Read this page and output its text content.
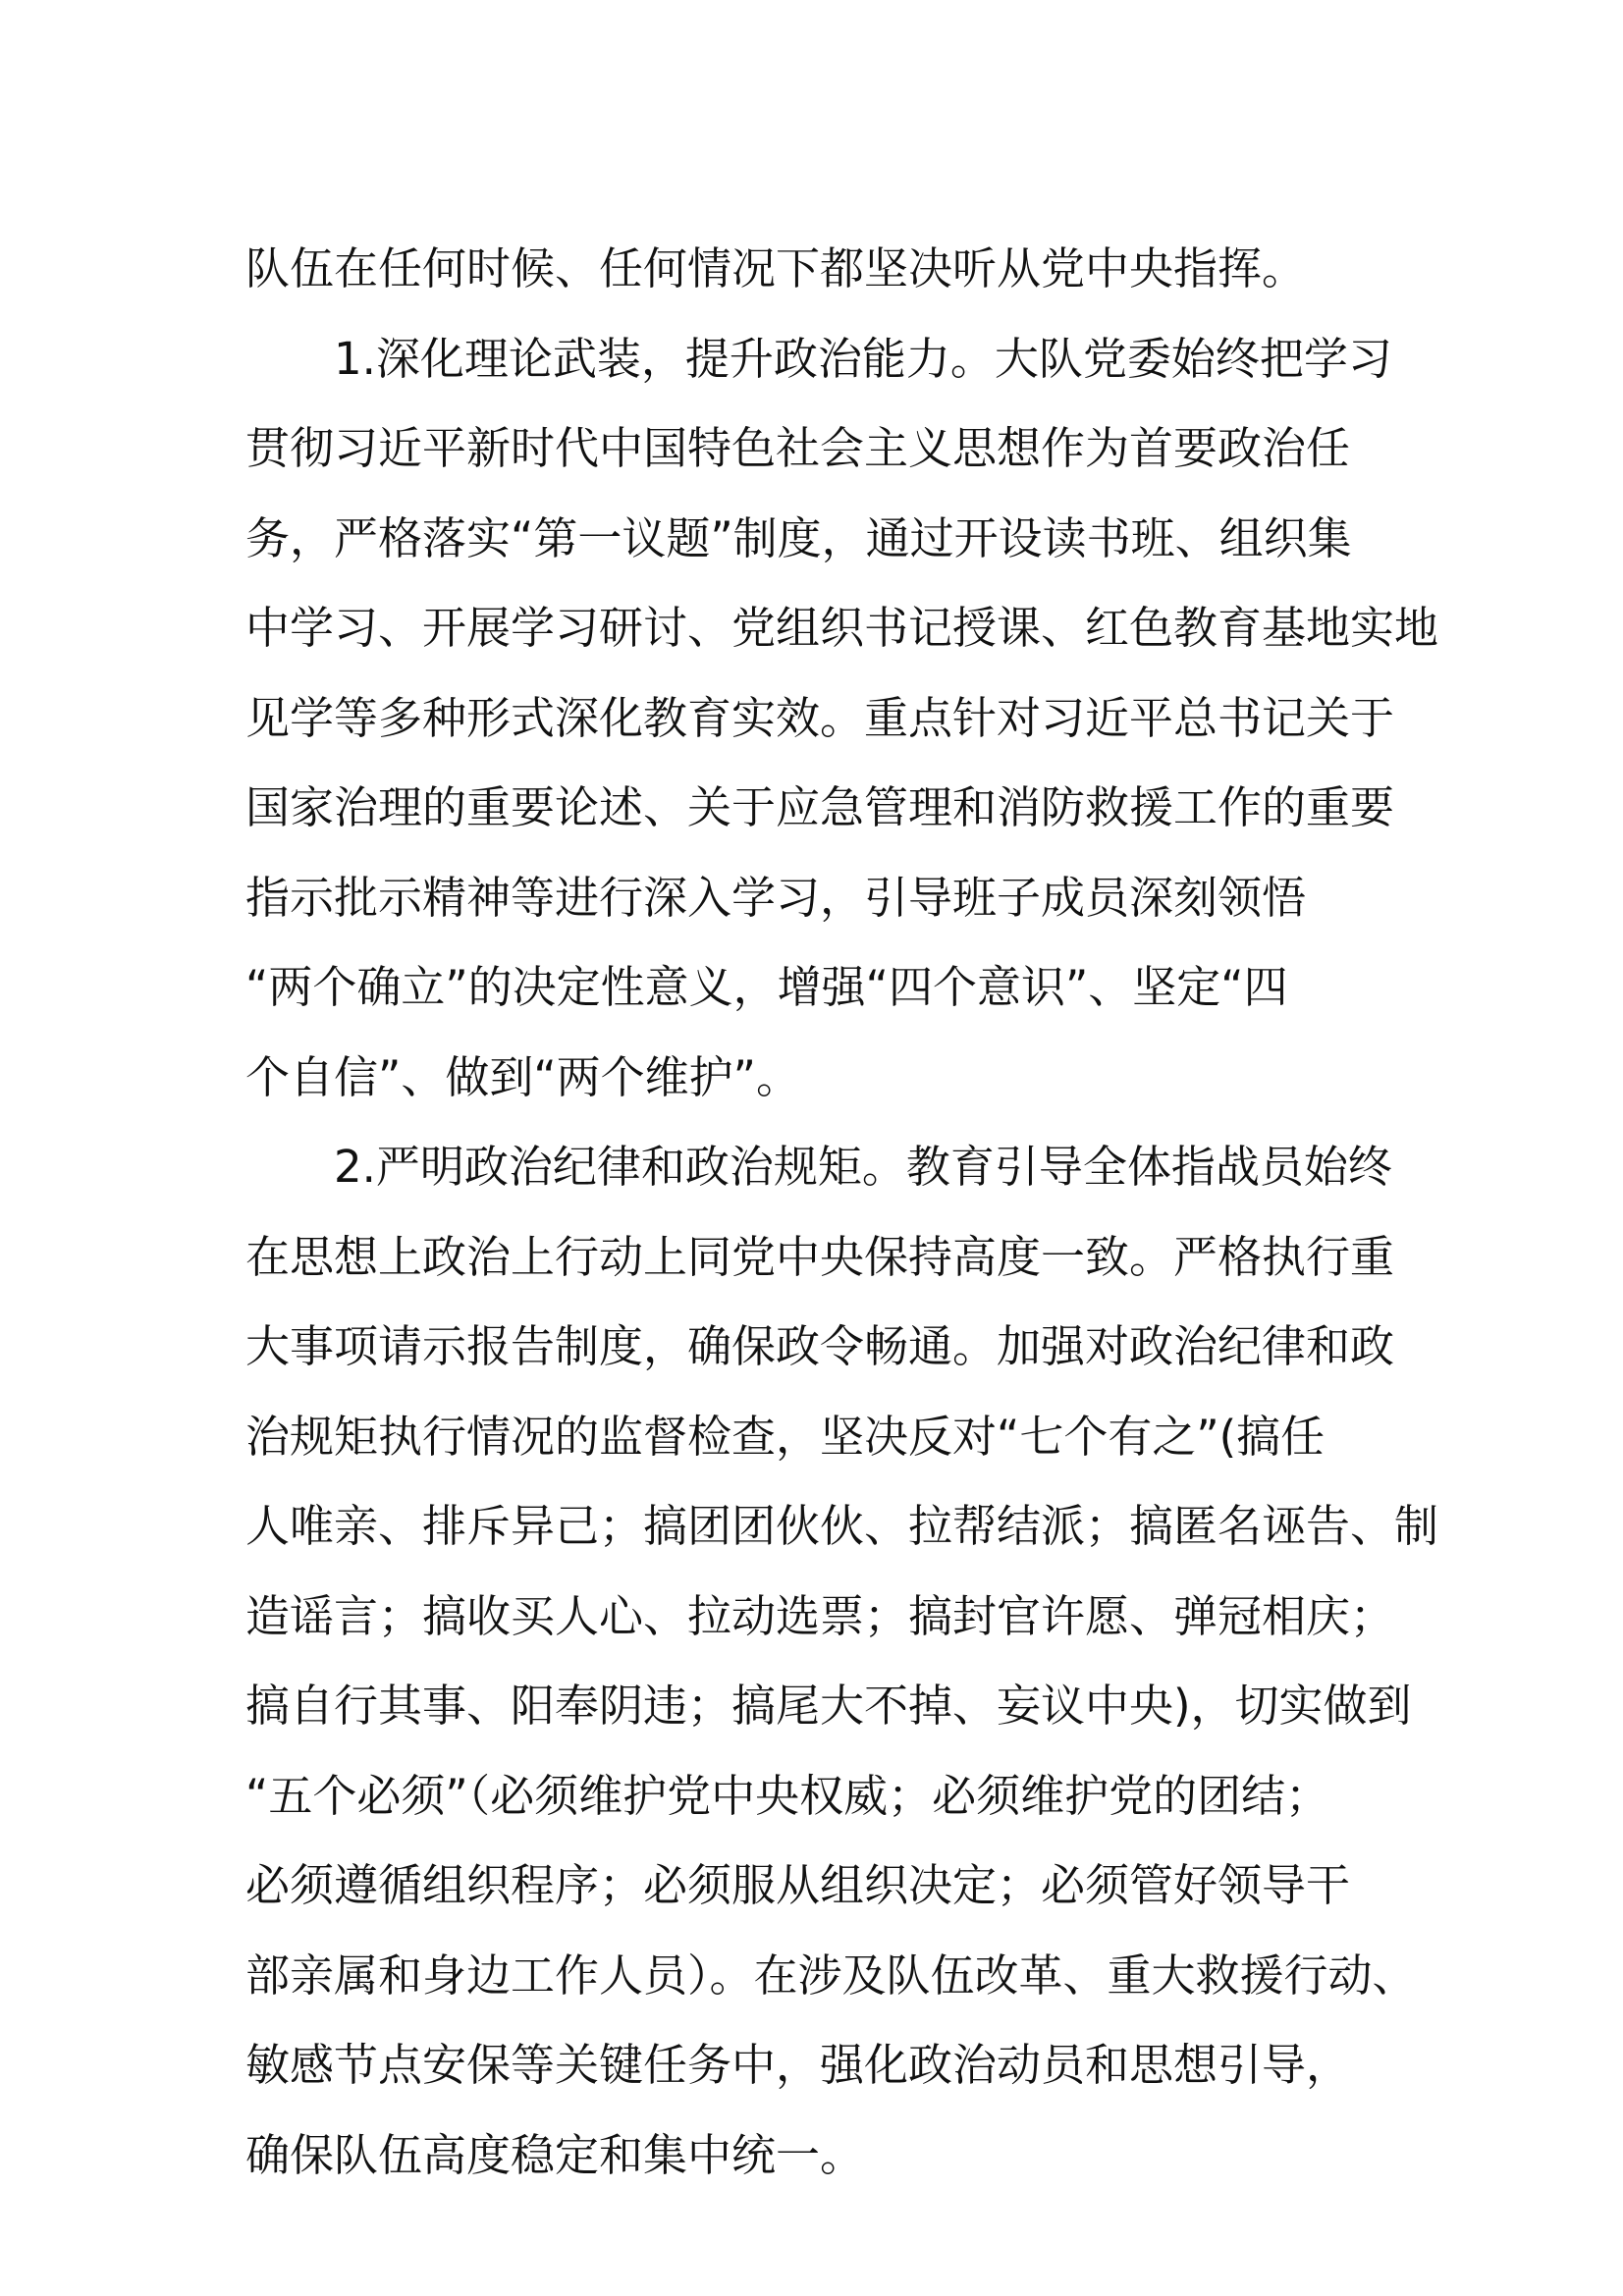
队伍在任何时候、任何情况下都坚决听从党中央指挥。
1.深化理论武装，提升政治能力。大队党委始终把学习
贯彻习近平新时代中国特色社会主义思想作为首要政治任
务，严格落实“第一议题”制度，通过开设读书班、组织集
中学习、开展学习研讨、党组织书记授课、红色教育基地实地
见学等多种形式深化教育实效。重点针对习近平总书记关于
国家治理的重要论述、关于应急管理和消防救援工作的重要
指示批示精神等进行深入学习，引导班子成员深刻领悟
“两个确立”的决定性意义，增强“四个意识”、坚定“四
个自信”、做到“两个维护”。
2.严明政治纪律和政治规矩。教育引导全体指战员始终
在思想上政治上行动上同党中央保持高度一致。严格执行重
大事项请示报告制度，确保政令畅通。加强对政治纪律和政
治规矩执行情况的监督检查，坚决反对“七个有之”(搞任
人唯亲、排斥异己；搞团团伙伙、拉帮结派；搞匿名诬告、制
造谣言；搞收买人心、拉动选票；搞封官许愿、弹冠相庆；
搞自行其事、阳奉阴违；搞尾大不掉、妄议中央)，切实做到
“五个必须”（必须维护党中央权威；必须维护党的团结；
必须遵循组织程序；必须服从组织决定；必须管好领导干
部亲属和身边工作人员）。在涉及队伍改革、重大救援行动、
敏感节点安保等关键任务中，强化政治动员和思想引导，
确保队伍高度稳定和集中统一。
